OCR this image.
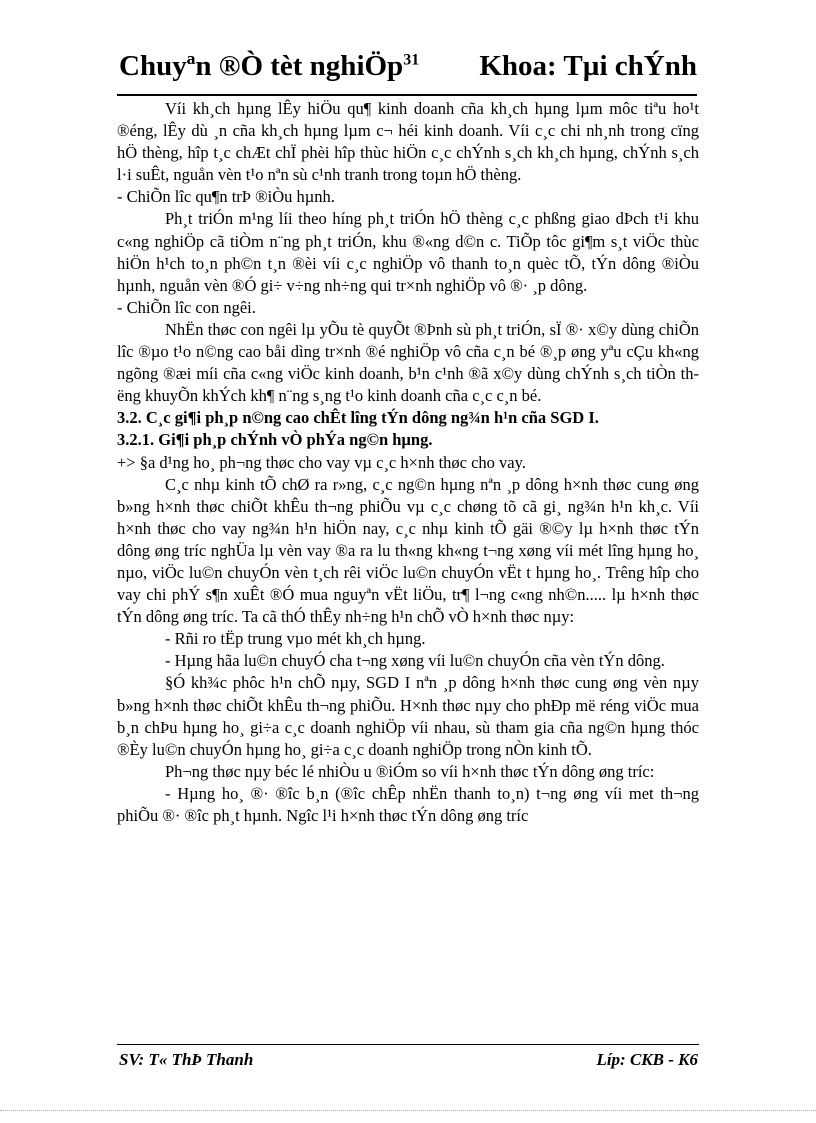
Chuyªn ®Ò tèt nghiÖp$^{31}$ Khoa: Tµi chÝnh

Víi kh¸ch hµng lÊy hiÖu qu¶ kinh doanh cña kh¸ch hµng lµm môc tiªu ho¹t ®éng, lÊy dù ¸n cña kh¸ch hµng lµm c¬ héi kinh doanh. Víi c¸c chi nh¸nh trong cïng hÖ thèng, hîp t¸c chÆt chÏ phèi hîp thùc hiÖn c¸c chÝnh s¸ch kh¸ch hµng, chÝnh s¸ch l·i suÊt, nguån vèn t¹o nªn sù c¹nh tranh trong toµn hÖ thèng.

- ChiÕn lîc qu¶n trÞ ®iÒu hµnh.

Ph¸t triÓn m¹ng líi theo híng ph¸t triÓn hÖ thèng c¸c phßng giao dÞch t¹i khu c«ng nghiÖp cã tiÒm n¨ng ph¸t triÓn, khu ®«ng d©n c. TiÕp tôc gi¶m s¸t viÖc thùc hiÖn h¹ch to¸n ph©n t¸n ®èi víi c¸c nghiÖp vô thanh to¸n quèc tÕ, tÝn dông ®iÒu hµnh, nguån vèn ®Ó gi÷ v÷ng nh÷ng qui tr×nh nghiÖp vô ®· ¸p dông.

- ChiÕn lîc con ngêi.

NhËn thøc con ngêi lµ yÕu tè quyÕt ®Þnh sù ph¸t triÓn, sÏ ®· x©y dùng chiÕn lîc ®µo t¹o n©ng cao båi dìng tr×nh ®é nghiÖp vô cña c¸n bé ®¸p øng yªu cÇu kh«ng ngõng ®æi míi cña c«ng viÖc kinh doanh, b¹n c¹nh ®ã x©y dùng chÝnh s¸ch tiÒn thëng khuyÕn khÝch kh¶ n¨ng s¸ng t¹o kinh doanh cña c¸c c¸n bé.

3.2. C¸c gi¶i ph¸p n©ng cao chÊt lîng tÝn dông ng¾n h¹n cña SGD I.

3.2.1. Gi¶i ph¸p chÝnh vÒ phÝa ng©n hµng.

+> §a d¹ng ho¸ ph¬ng thøc cho vay vµ c¸c h×nh thøc cho vay.

C¸c nhµ kinh tÕ chØ ra r»ng, c¸c ng©n hµng nªn ¸p dông h×nh thøc cung øng b»ng h×nh thøc chiÕt khÊu th¬ng phiÕu vµ c¸c chøng tõ cã gi¸ ng¾n h¹n kh¸c. Víi h×nh thøc cho vay ng¾n h¹n hiÖn nay, c¸c nhµ kinh tÕ gäi ®©y lµ h×nh thøc tÝn dông øng tríc nghÜa lµ vèn vay ®a ra lu th«ng kh«ng t¬ng xøng víi mét lîng hµng ho¸ nµo, viÖc lu©n chuyÓn vèn t¸ch rêi viÖc lu©n chuyÓn vËt t hµng ho¸. Trêng hîp cho vay chi phÝ s¶n xuÊt ®Ó mua nguyªn vËt liÖu, tr¶ l¬ng c«ng nh©n..... lµ h×nh thøc tÝn dông øng tríc. Ta cã thÓ thÊy nh÷ng h¹n chÕ vÒ h×nh thøc nµy:

- Rñi ro tËp trung vµo mét kh¸ch hµng.

- Hµng hãa lu©n chuyÓ cha t¬ng xøng víi lu©n chuyÓn cña vèn tÝn dông.

§Ó kh¾c phôc h¹n chÕ nµy, SGD I nªn ¸p dông h×nh thøc cung øng vèn nµy b»ng h×nh thøc chiÕt khÊu th¬ng phiÕu. H×nh thøc nµy cho phÐp më réng viÖc mua b¸n chÞu hµng ho¸ gi÷a c¸c doanh nghiÖp víi nhau, sù tham gia cña ng©n hµng thóc ®Èy lu©n chuyÓn hµng ho¸ gi÷a c¸c doanh nghiÖp trong nÒn kinh tÕ.

Ph¬ng thøc nµy béc lé nhiÒu u ®iÓm so víi h×nh thøc tÝn dông øng tríc:

- Hµng ho¸ ®· ®îc b¸n (®îc chÊp nhËn thanh to¸n) t¬ng øng víi met th¬ng phiÕu ®· ®îc ph¸t hµnh. Ngîc l¹i h×nh thøc tÝn dông øng tríc

SV: T« ThÞ Thanh	Líp: CKB - K6
